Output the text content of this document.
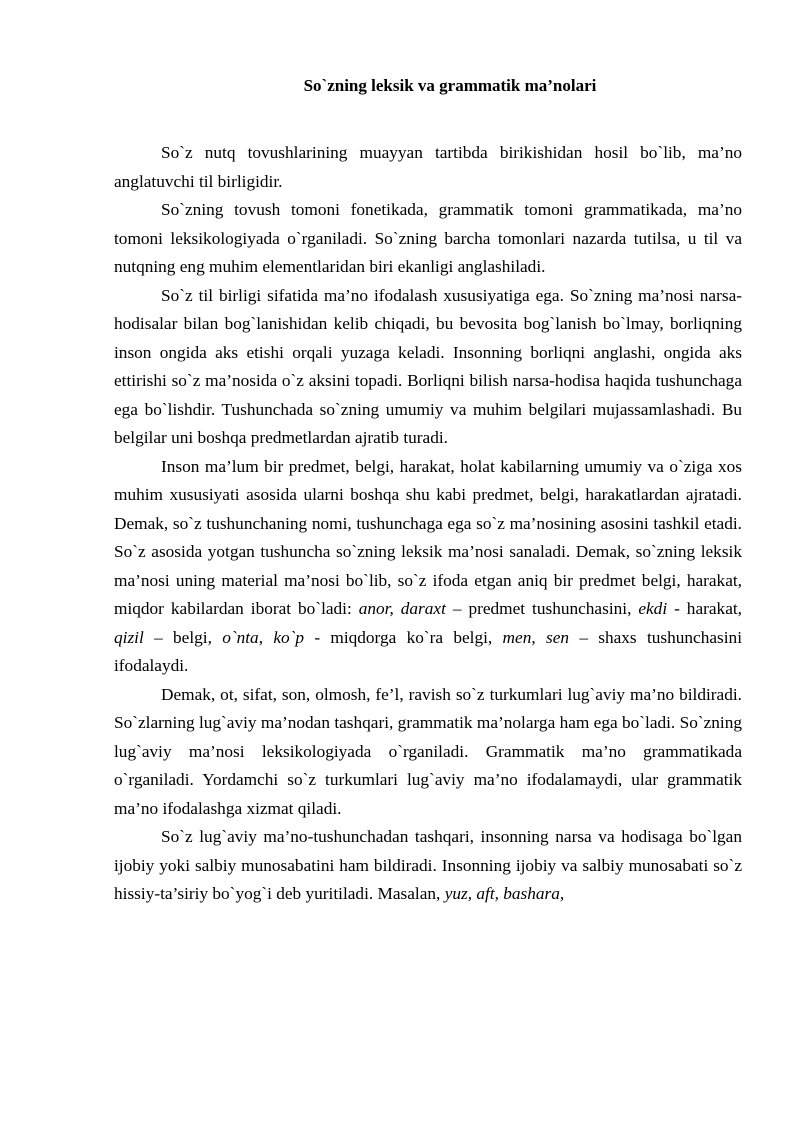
So`zning leksik va grammatik ma’nolari

So`z nutq tovushlarining muayyan tartibda birikishidan hosil bo`lib, ma’no anglatuvchi til birligidir.

So`zning tovush tomoni fonetikada, grammatik tomoni grammatikada, ma’no tomoni leksikologiyada o`rganiladi. So`zning barcha tomonlari nazarda tutilsa, u til va nutqning eng muhim elementlaridan biri ekanligi anglashiladi.

So`z til birligi sifatida ma’no ifodalash xususiyatiga ega. So`zning ma’nosi narsa-hodisalar bilan bog`lanishidan kelib chiqadi, bu bevosita bog`lanish bo`lmay, borliqning inson ongida aks etishi orqali yuzaga keladi. Insonning borliqni anglashi, ongida aks ettirishi so`z ma’nosida o`z aksini topadi. Borliqni bilish narsa-hodisa haqida tushunchaga ega bo`lishdir. Tushunchada so`zning umumiy va muhim belgilari mujassamlashadi. Bu belgilar uni boshqa predmetlardan ajratib turadi.

Inson ma’lum bir predmet, belgi, harakat, holat kabilarning umumiy va o`ziga xos muhim xususiyati asosida ularni boshqa shu kabi predmet, belgi, harakatlardan ajratadi. Demak, so`z tushunchaning nomi, tushunchaga ega so`z ma’nosining asosini tashkil etadi. So`z asosida yotgan tushuncha so`zning leksik ma’nosi sanaladi. Demak, so`zning leksik ma’nosi uning material ma’nosi bo`lib, so`z ifoda etgan aniq bir predmet belgi, harakat, miqdor kabilardan iborat bo`ladi: anor, daraxt – predmet tushunchasini, ekdi - harakat, qizil – belgi, o`nta, ko`p - miqdorga ko`ra belgi, men, sen – shaxs tushunchasini ifodalaydi.

Demak, ot, sifat, son, olmosh, fe’l, ravish so`z turkumlari lug`aviy ma’no bildiradi. So`zlarning lug`aviy ma’nodan tashqari, grammatik ma’nolarga ham ega bo`ladi. So`zning lug`aviy ma’nosi leksikologiyada o`rganiladi. Grammatik ma’no grammatikada o`rganiladi. Yordamchi so`z turkumlari lug`aviy ma’no ifodalamaydi, ular grammatik ma’no ifodalashga xizmat qiladi.

So`z lug`aviy ma’no-tushunchadan tashqari, insonning narsa va hodisaga bo`lgan ijobiy yoki salbiy munosabatini ham bildiradi. Insonning ijobiy va salbiy munosabati so`z hissiy-ta’siriy bo`yog`i deb yuritiladi. Masalan, yuz, aft, bashara,
